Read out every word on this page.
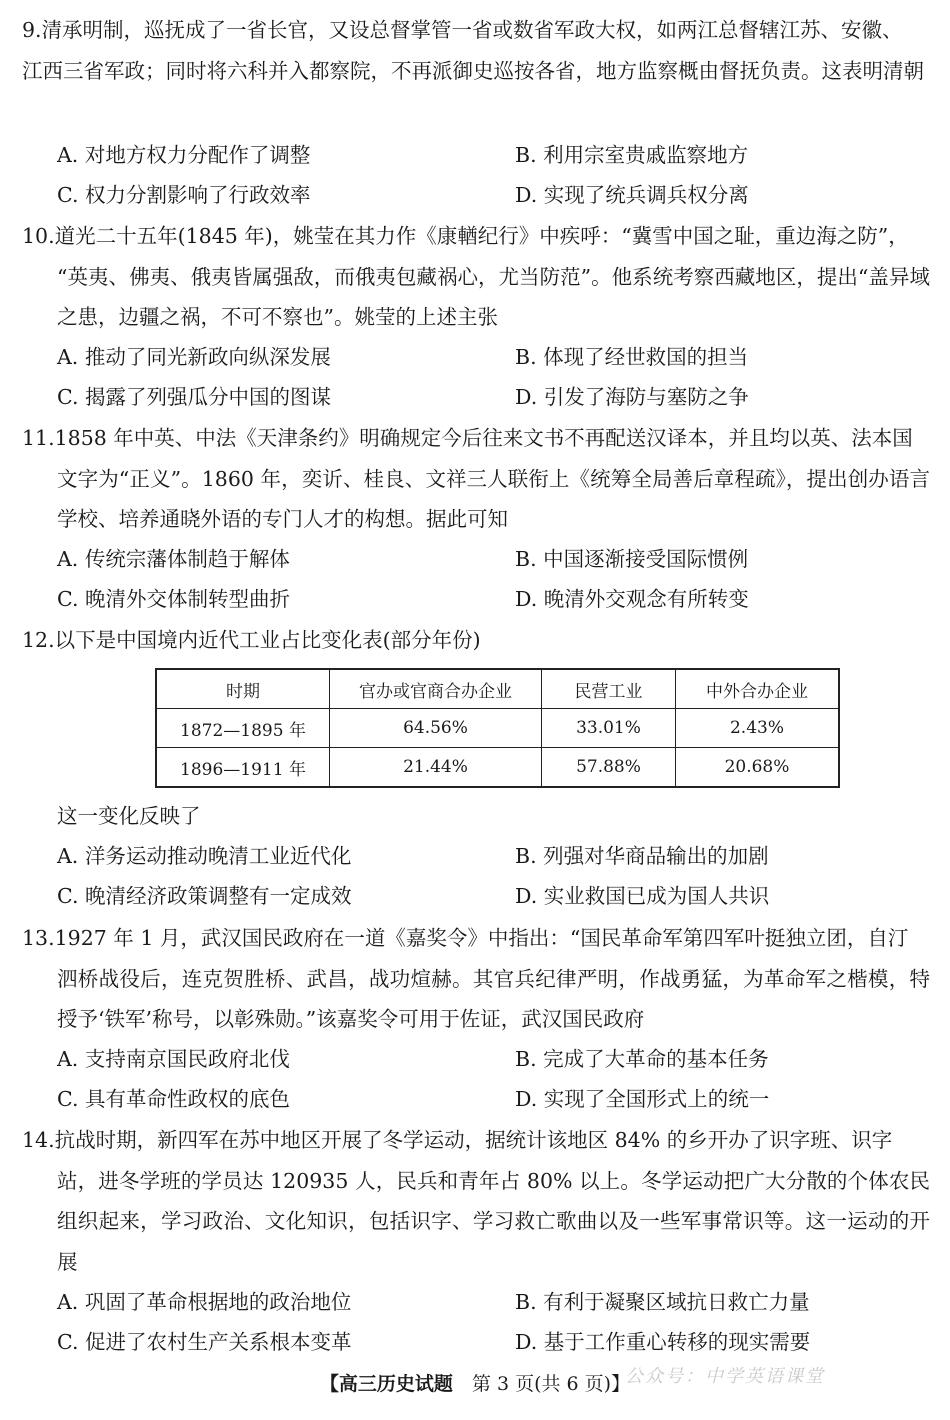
9.清承明制，巡抚成了一省长官，又设总督掌管一省或数省军政大权，如两江总督辖江苏、安徽、

江西三省军政；同时将六科并入都察院，不再派御史巡按各省，地方监察概由督抚负责。这表明清朝

A. 对地方权力分配作了调整	B. 利用宗室贵戚监察地方
C. 权力分割影响了行政效率	D. 实现了统兵调兵权分离

10.道光二十五年(1845 年)，姚莹在其力作《康輶纪行》中疾呼：“冀雪中国之耻，重边海之防”，

“英夷、佛夷、俄夷皆属强敌，而俄夷包藏祸心，尤当防范”。他系统考察西藏地区，提出“盖异域之患，边疆之祸，不可不察也”。姚莹的上述主张

A. 推动了同光新政向纵深发展	B. 体现了经世救国的担当
C. 揭露了列强瓜分中国的图谋	D. 引发了海防与塞防之争

11.1858 年中英、中法《天津条约》明确规定今后往来文书不再配送汉译本，并且均以英、法本国

文字为“正义”。1860 年，奕䜣、桂良、文祥三人联衔上《统筹全局善后章程疏》，提出创办语言学校、培养通晓外语的专门人才的构想。据此可知

A. 传统宗藩体制趋于解体	B. 中国逐渐接受国际惯例
C. 晚清外交体制转型曲折	D. 晚清外交观念有所转变

12.以下是中国境内近代工业占比变化表(部分年份)

时期	官办或官商合办企业	民营工业	中外合办企业
1872—1895 年	64.56%	33.01%	2.43%
1896—1911 年	21.44%	57.88%	20.68%
这一变化反映了
A. 洋务运动推动晚清工业近代化	B. 列强对华商品输出的加剧
C. 晚清经济政策调整有一定成效	D. 实业救国已成为国人共识

13.1927 年 1 月，武汉国民政府在一道《嘉奖令》中指出：“国民革命军第四军叶挺独立团，自汀

泗桥战役后，连克贺胜桥、武昌，战功煊赫。其官兵纪律严明，作战勇猛，为革命军之楷模，特授予‘铁军’称号，以彰殊勋。”该嘉奖令可用于佐证，武汉国民政府

A. 支持南京国民政府北伐	B. 完成了大革命的基本任务
C. 具有革命性政权的底色	D. 实现了全国形式上的统一

14.抗战时期，新四军在苏中地区开展了冬学运动，据统计该地区 84% 的乡开办了识字班、识字

站，进冬学班的学员达 120935 人，民兵和青年占 80% 以上。冬学运动把广大分散的个体农民组织起来，学习政治、文化知识，包括识字、学习救亡歌曲以及一些军事常识等。这一运动的开展

A. 巩固了革命根据地的政治地位	B. 有利于凝聚区域抗日救亡力量
C. 促进了农村生产关系根本变革	D. 基于工作重心转移的现实需要
【高三历史试题  第 3 页(共 6 页)】
公众号：中学英语课堂
